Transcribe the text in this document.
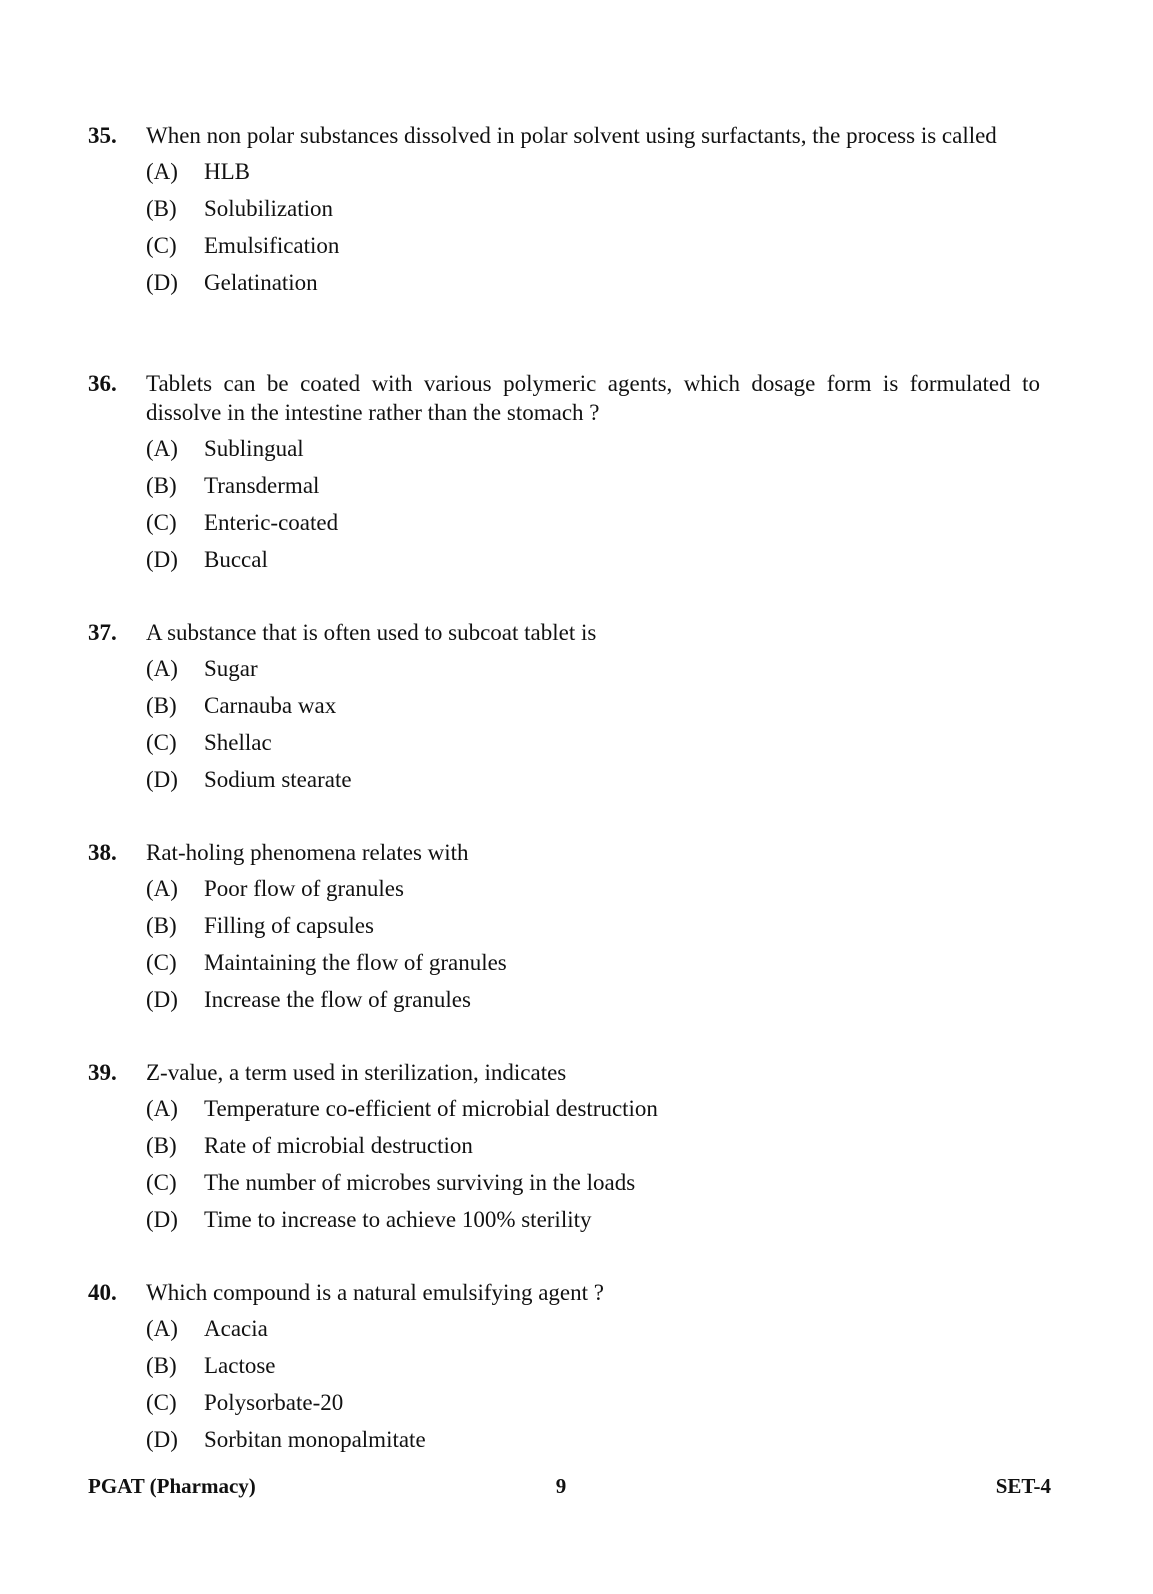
35. When non polar substances dissolved in polar solvent using surfactants, the process is called
(A) HLB
(B) Solubilization
(C) Emulsification
(D) Gelatination
36. Tablets can be coated with various polymeric agents, which dosage form is formulated to dissolve in the intestine rather than the stomach ?
(A) Sublingual
(B) Transdermal
(C) Enteric-coated
(D) Buccal
37. A substance that is often used to subcoat tablet is
(A) Sugar
(B) Carnauba wax
(C) Shellac
(D) Sodium stearate
38. Rat-holing phenomena relates with
(A) Poor flow of granules
(B) Filling of capsules
(C) Maintaining the flow of granules
(D) Increase the flow of granules
39. Z-value, a term used in sterilization, indicates
(A) Temperature co-efficient of microbial destruction
(B) Rate of microbial destruction
(C) The number of microbes surviving in the loads
(D) Time to increase to achieve 100% sterility
40. Which compound is a natural emulsifying agent ?
(A) Acacia
(B) Lactose
(C) Polysorbate-20
(D) Sorbitan monopalmitate
PGAT (Pharmacy)	9	SET-4
